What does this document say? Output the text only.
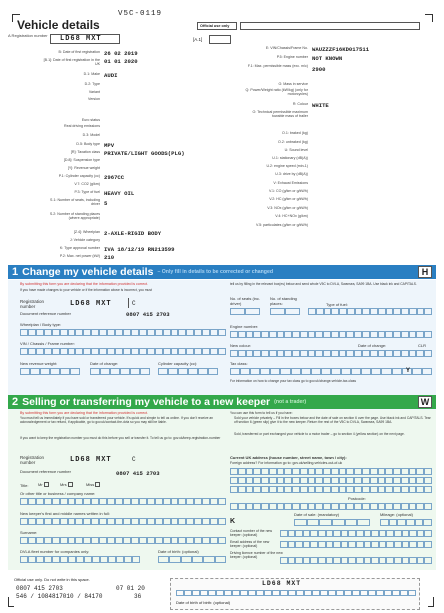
V5C-0119
Vehicle details	Official use only
[A.1]
A Registration number LD68 MXT
B: Date of first registration 26 02 2019
[B.1]: Date of first registration in the UK 01 01 2020
D.1: Make AUDI
D.2: Type
Variant
Version
Euro status
Real driving emissions
D.3: Model
D.5: Body type MPV
[R]: Taxation class PRIVATE/LIGHT GOODS(PLG)
[D.8]: Suspension type
[Y]: Revenue weight
P.1: Cylinder capacity (cc) 2967CC
V.7: CO2 (g/km)
P.3: Type of fuel HEAVY OIL
S.1: Number of seats, including driver 5
S.2: Number of standing places (where appropriate)
[Z.4]: Wheelplan 2-AXLE-RIGID BODY
J: Vehicle category
K: Type approval number IVA 18/12/19 RN213599
P.2: Max. net power (kW) 210
E: VIN/Chassis/Frame No. WAUZZZF16KD017511
P.5: Engine number NOT KNOWN
F.1: Max. permissible mass (exc. m/c) 2900
G: Mass in service
Q: Power/Weight ratio (kW/kg) (only for motorcycles)
R: Colour WHITE
O: Technical permissible maximum towable mass of trailer
O.1: braked (kg)
O.2: unbraked (kg)
U: Sound level
U.1: stationary (dB(A))
U.2: engine speed (min-1)
U.3: drive by (dB(A))
V: Exhaust Emissions
V.1: CO (g/km or g/kWh)
V.2: HC (g/km or g/kWh)
V.3: NOx (g/km or g/kWh)
V.4: HC+NOx (g/km)
V.5: particulates (g/km or g/kWh)
1 Change my vehicle details – Only fill in details to be corrected or changed	H
By submitting this form you are declaring that the information provided is correct.
If you have made changes to your vehicle or if the information above is incorrect, you must
tell us by filling in the relevant box(es) below and send whole V5C to DVLA, Swansea, SA99 1BA. Use black ink and CAPITALS.
Registration number	LD68 MXT	C
Document reference number	0807 415 2703
Wheelplan / Body type:
VIN / Chassis / Frame number:
New revenue weight:	Date of change:	Cylinder capacity (cc):
No. of seats (inc. driver)
No. of standing places:	Type of fuel:
Engine number:
New colour:	Date of change:	CLR
Tax class:
Y
For information on how to change your tax class go to gov.uk/change-vehicle-tax-class
2 Selling or transferring my vehicle to a new keeper (not a trader)	W
By submitting this form you are declaring that the information provided is correct.
You must tell us immediately if you have sold or transferred your vehicle. It's quick and simple to tell us online. If you don't receive an acknowledgement or tax refund, if applicable, go to gov.uk/contact-the-dvla so you may still be liable.
If you want to keep the registration number you must do this before you sell or transfer it. To tell us go to: gov.uk/keep-registration-number
You can use this form to tell us if you have:
Sold your vehicle privately – Fill in the boxes below and the date of sale on section 6 over the page. Use black ink and CAPITALS. Tear off section 6 (green slip) give it to the new keeper. Return the rest of the V5C to DVLA, Swansea, SA99 1BA.
Sold, transferred or part exchanged your vehicle to a motor trader – go to section 4 (yellow section) on the next page.
Registration number	LD68 MXT	C
Document reference number	0807 415 2703
Title: Mr	Mrs	Miss
Or other title or business / company name:
New keeper's first and middle names written in full:
Surname:
DVLA fleet number for companies only:	Date of birth: (optional)
Current UK address (house number, street name, town / city):
Foreign address? For information go to: gov.uk/selling-vehicles-out-of-uk
Postcode:
Date of sale: (mandatory)	Mileage: (optional)
K
Contact number of the new keeper: (optional)
Email address of the new keeper: (optional)
Driving licence number of the new keeper: (optional)
Official use only. Do not write in this space.
0807 415 2703	07 01 20
546 / 1084817010 / 84170	36
LD68 MXT
Date of birth of birth: (optional)
